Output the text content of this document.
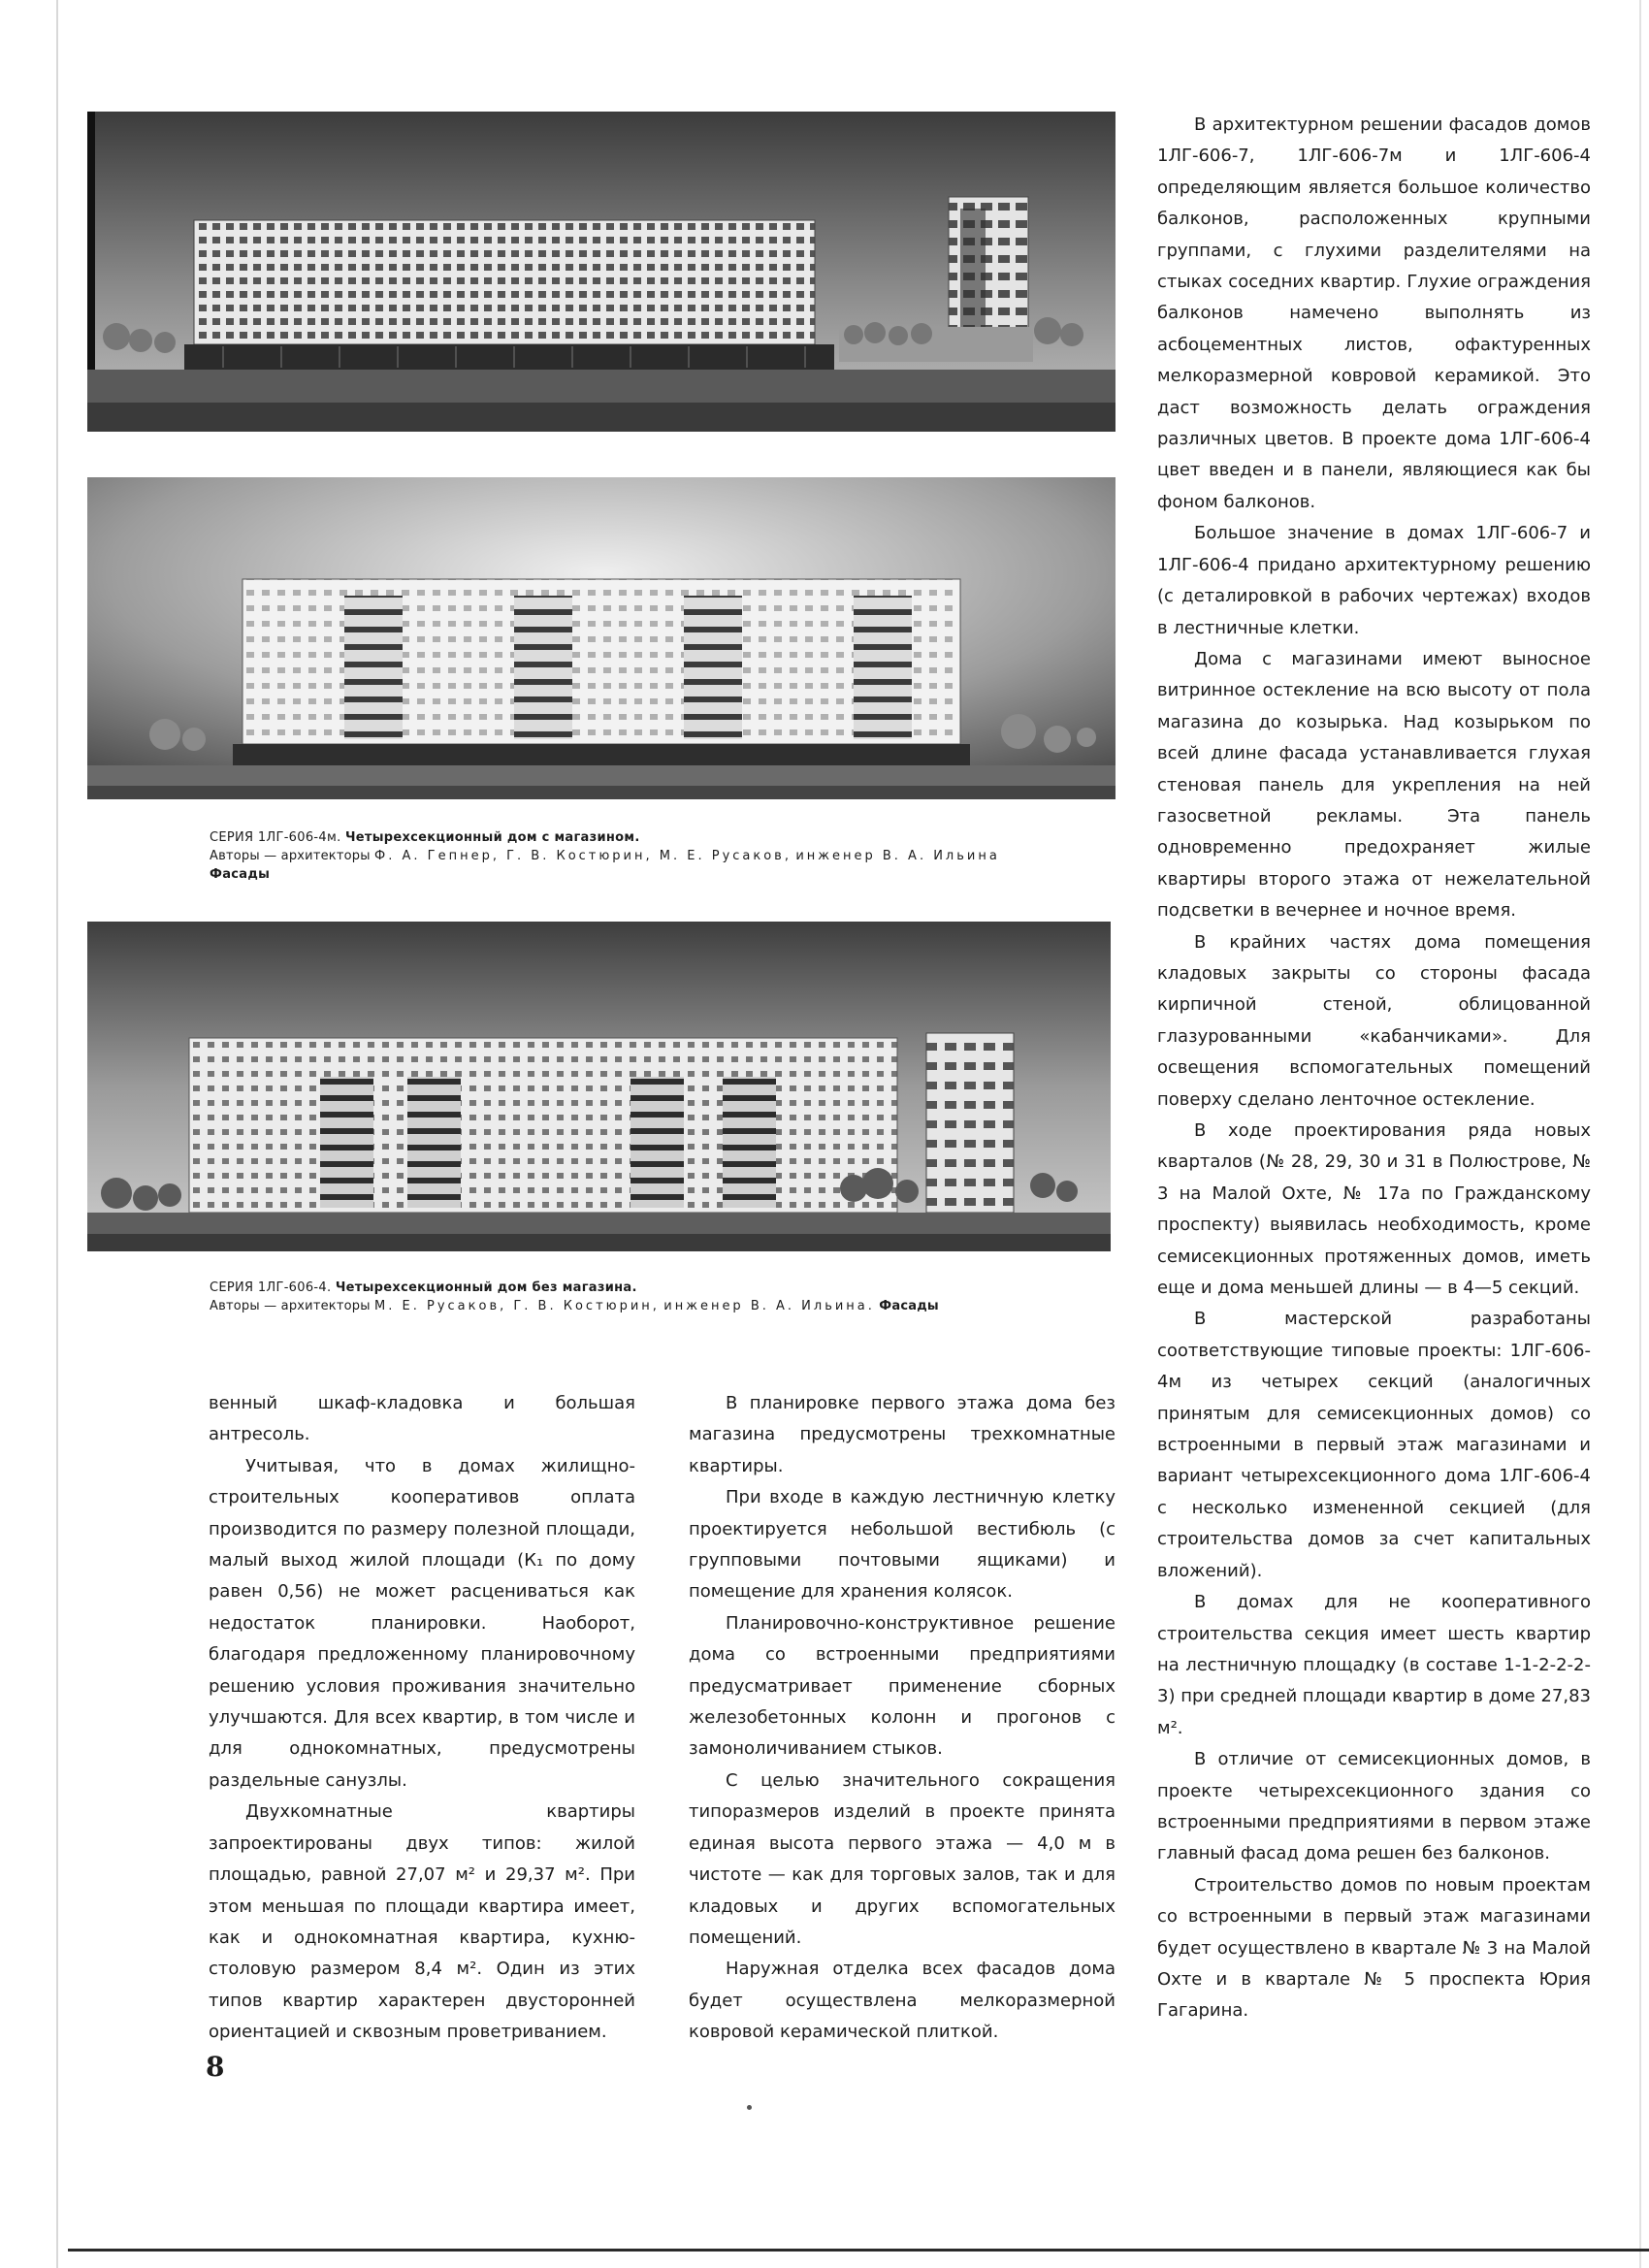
СЕРИЯ 1ЛГ-606-4м. Четырехсекционный дом с магазином.
Авторы — архитекторы Ф. А. Гепнер, Г. В. Костюрин, М. Е. Русаков, инженер В. А. Ильина
Фасады
СЕРИЯ 1ЛГ-606-4. Четырехсекционный дом без магазина.
Авторы — архитекторы М. Е. Русаков, Г. В. Костюрин, инженер В. А. Ильина. Фасады

В архитектурном решении фасадов домов 1ЛГ-606-7, 1ЛГ-606-7м и 1ЛГ-606-4 определяющим является большое количество балконов, расположенных крупными группами, с глухими разделителями на стыках соседних квартир. Глухие ограждения балконов намечено выполнять из асбоцементных листов, офактуренных мелкоразмерной ковровой керамикой. Это даст возможность делать ограждения различных цветов. В проекте дома 1ЛГ-606-4 цвет введен и в панели, являющиеся как бы фоном балконов.

Большое значение в домах 1ЛГ-606-7 и 1ЛГ-606-4 придано архитектурному решению (с деталировкой в рабочих чертежах) входов в лестничные клетки.

Дома с магазинами имеют выносное витринное остекление на всю высоту от пола магазина до козырька. Над козырьком по всей длине фасада устанавливается глухая стеновая панель для укрепления на ней газосветной рекламы. Эта панель одновременно предохраняет жилые квартиры второго этажа от нежелательной подсветки в вечернее и ночное время.

В крайних частях дома помещения кладовых закрыты со стороны фасада кирпичной стеной, облицованной глазурованными «кабанчиками». Для освещения вспомогательных помещений поверху сделано ленточное остекление.

В ходе проектирования ряда новых кварталов (№ 28, 29, 30 и 31 в Полюстрове, № 3 на Малой Охте, № 17а по Гражданскому проспекту) выявилась необходимость, кроме семисекционных протяженных домов, иметь еще и дома меньшей длины — в 4—5 секций.

В мастерской разработаны соответствующие типовые проекты: 1ЛГ-606-4м из четырех секций (аналогичных принятым для семисекционных домов) со встроенными в первый этаж магазинами и вариант четырехсекционного дома 1ЛГ-606-4 с несколько измененной секцией (для строительства домов за счет капитальных вложений).

В домах для не кооперативного строительства секция имеет шесть квартир на лестничную площадку (в составе 1-1-2-2-2-3) при средней площади квартир в доме 27,83 м².

В отличие от семисекционных домов, в проекте четырехсекционного здания со встроенными предприятиями в первом этаже главный фасад дома решен без балконов.

Строительство домов по новым проектам со встроенными в первый этаж магазинами будет осуществлено в квартале № 3 на Малой Охте и в квартале № 5 проспекта Юрия Гагарина.

венный шкаф-кладовка и большая антресоль.

Учитывая, что в домах жилищно-строительных кооперативов оплата производится по размеру полезной площади, малый выход жилой площади (К₁ по дому равен 0,56) не может расцениваться как недостаток планировки. Наоборот, благодаря предложенному планировочному решению условия проживания значительно улучшаются. Для всех квартир, в том числе и для однокомнатных, предусмотрены раздельные санузлы.

Двухкомнатные квартиры запроектированы двух типов: жилой площадью, равной 27,07 м² и 29,37 м². При этом меньшая по площади квартира имеет, как и однокомнатная квартира, кухню-столовую размером 8,4 м². Один из этих типов квартир характерен двусторонней ориентацией и сквозным проветриванием.

В планировке первого этажа дома без магазина предусмотрены трехкомнатные квартиры.

При входе в каждую лестничную клетку проектируется небольшой вестибюль (с групповыми почтовыми ящиками) и помещение для хранения колясок.

Планировочно-конструктивное решение дома со встроенными предприятиями предусматривает применение сборных железобетонных колонн и прогонов с замоноличиванием стыков.

С целью значительного сокращения типоразмеров изделий в проекте принята единая высота первого этажа — 4,0 м в чистоте — как для торговых залов, так и для кладовых и других вспомогательных помещений.

Наружная отделка всех фасадов дома будет осуществлена мелкоразмерной ковровой керамической плиткой.

8
